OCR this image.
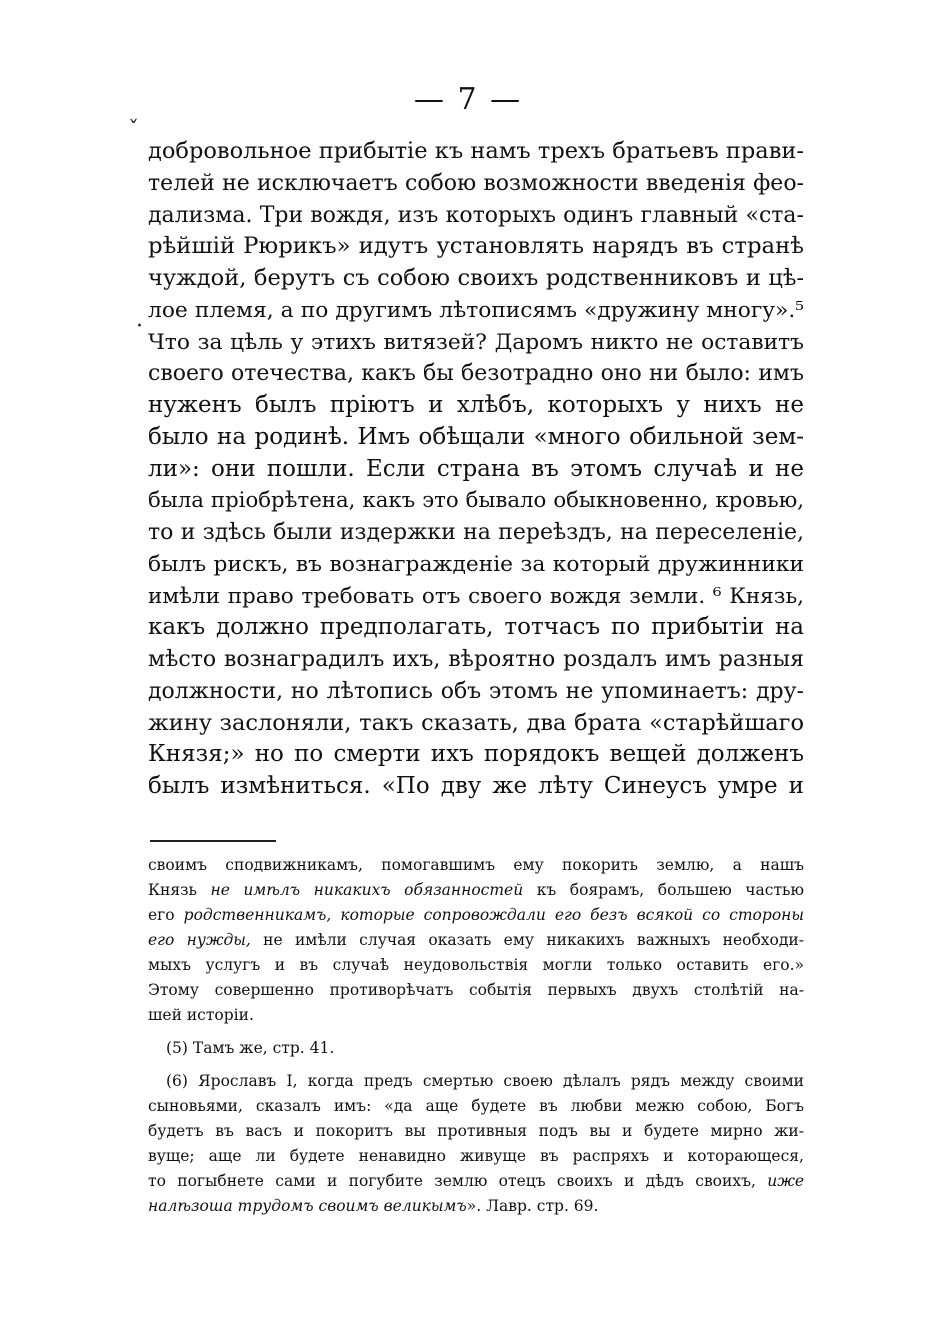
— 7 —
ˇ
·
добровольное прибытіе къ намъ трехъ братьевъ прави-
телей не исключаетъ собою возможности введенія фео-
дализма. Три вождя, изъ которыхъ одинъ главный «ста-
рѣйшій Рюрикъ» идутъ установлять нарядъ въ странѣ
чуждой, берутъ съ собою своихъ родственниковъ и цѣ-
лое племя, а по другимъ лѣтописямъ «дружину многу».⁵
Что за цѣль у этихъ витязей? Даромъ никто не оставитъ
своего отечества, какъ бы безотрадно оно ни было: имъ
нуженъ былъ пріютъ и хлѣбъ, которыхъ у нихъ не
было на родинѣ. Имъ обѣщали «много обильной зем-
ли»: они пошли. Если страна въ этомъ случаѣ и не
была пріобрѣтена, какъ это бывало обыкновенно, кровью,
то и здѣсь были издержки на переѣздъ, на переселеніе,
былъ рискъ, въ вознагражденіе за который дружинники
имѣли право требовать отъ своего вождя земли. ⁶ Князь,
какъ должно предполагать, тотчасъ по прибытіи на
мѣсто вознаградилъ ихъ, вѣроятно роздалъ имъ разныя
должности, но лѣтопись объ этомъ не упоминаетъ: дру-
жину заслоняли, такъ сказать, два брата «старѣйшаго
Князя;» но по смерти ихъ порядокъ вещей долженъ
былъ измѣниться. «По дву же лѣту Синеусъ умре и
своимъ сподвижникамъ, помогавшимъ ему покорить землю, а нашъ
Князь не имѣлъ никакихъ обязанностей къ боярамъ, большею частью
его родственникамъ, которые сопровождали его безъ всякой со стороны
его нужды, не имѣли случая оказать ему никакихъ важныхъ необходи-
мыхъ услугъ и въ случаѣ неудовольствія могли только оставить его.»
Этому совершенно противорѣчатъ событія первыхъ двухъ столѣтій на-
шей исторіи.
(5) Тамъ же, стр. 41.
(6) Ярославъ I, когда предъ смертью своею дѣлалъ рядъ между своими
сыновьями, сказалъ имъ: «да аще будете въ любви межю собою, Богъ
будетъ въ васъ и покоритъ вы противныя подъ вы и будете мирно жи-
вуще; аще ли будете ненавидно живуще въ распряхъ и которающеся,
то погыбнете сами и погубите землю отецъ своихъ и дѣдъ своихъ, иже
налѣзоша трудомъ своимъ великымъ». Лавр. стр. 69.
